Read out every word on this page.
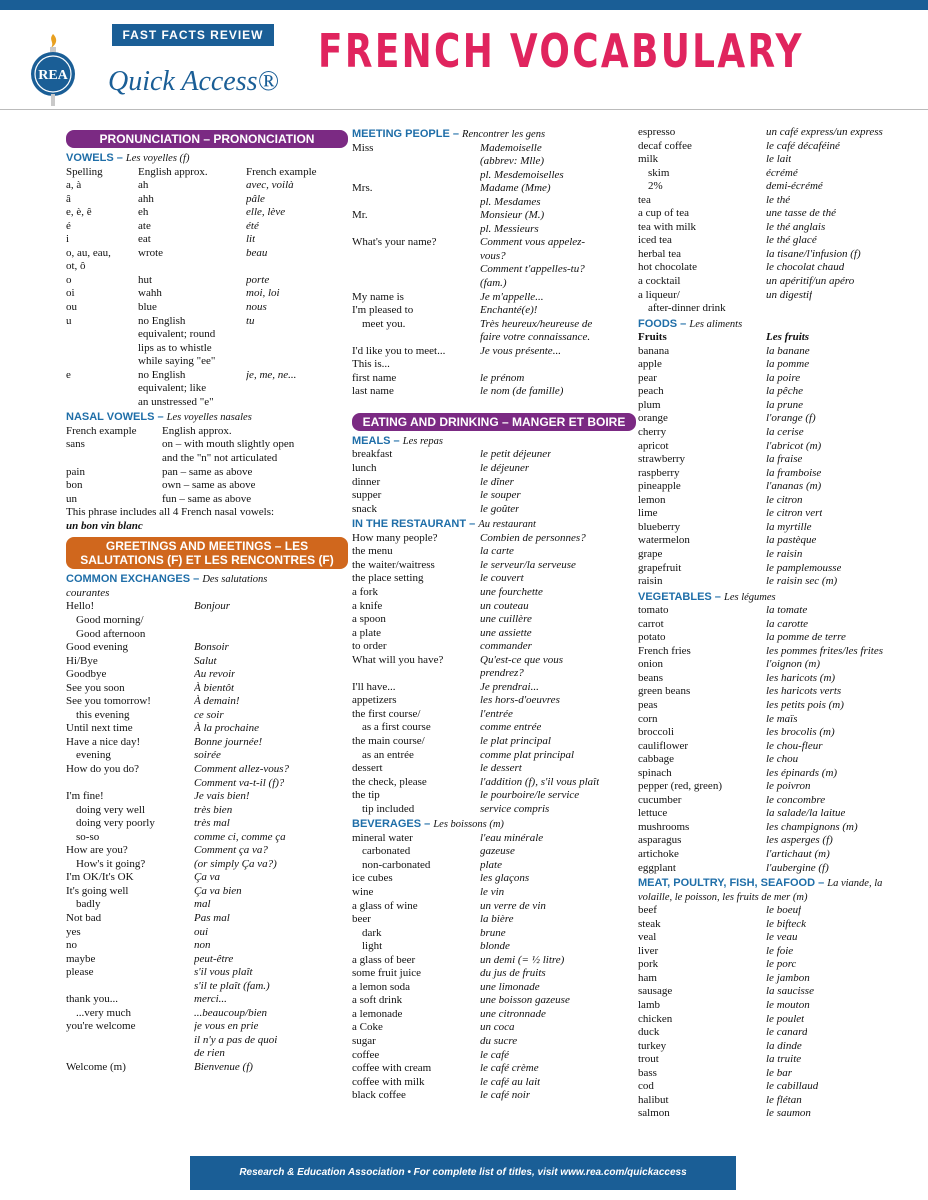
REA
FAST FACTS REVIEW
Quick Access®
FRENCH VOCABULARY
PRONUNCIATION – PRONONCIATION
VOWELS – Les voyelles (f)
Spelling	English approx.	French example
a, à	ah	avec, voilà
â	ahh	pâle
e, è, ê	eh	elle, lève
é	ate	été
i	eat	lit
o, au, eau,	wrote	beau
ot, ô
o	hut	porte
oi	wahh	moi, loi
ou	blue	nous
u	no English	tu
equivalent; round
lips as to whistle
while saying "ee"
e	no English	je, me, ne...
equivalent; like
an unstressed "e"
NASAL VOWELS – Les voyelles nasales
French example	English approx.
sans	on – with mouth slightly open
and the "n" not articulated
pain	pan – same as above
bon	own – same as above
un	fun – same as above
This phrase includes all 4 French nasal vowels:
un bon vin blanc
GREETINGS AND MEETINGS – LES SALUTATIONS (F) ET LES RENCONTRES (F)
COMMON EXCHANGES – Des salutations
courantes
Hello!	Bonjour
Good morning/
Good afternoon
Good evening	Bonsoir
Hi/Bye	Salut
Goodbye	Au revoir
See you soon	À bientôt
See you tomorrow!	À demain!
this evening	ce soir
Until next time	À la prochaine
Have a nice day!	Bonne journée!
evening	soirée
How do you do?	Comment allez-vous?
Comment va-t-il (f)?
I'm fine!	Je vais bien!
doing very well	très bien
doing very poorly	très mal
so-so	comme ci, comme ça
How are you?	Comment ça va?
How's it going?	(or simply Ça va?)
I'm OK/It's OK	Ça va
It's going well	Ça va bien
badly	mal
Not bad	Pas mal
yes	oui
no	non
maybe	peut-être
please	s'il vous plaît
s'il te plaît (fam.)
thank you...	merci...
...very much	...beaucoup/bien
you're welcome	je vous en prie
il n'y a pas de quoi
de rien
Welcome (m)	Bienvenue (f)
MEETING PEOPLE – Rencontrer les gens
Miss	Mademoiselle
(abbrev: Mlle)
pl. Mesdemoiselles
Mrs.	Madame (Mme)
pl. Mesdames
Mr.	Monsieur (M.)
pl. Messieurs
What's your name?	Comment vous appelez-
vous?
Comment t'appelles-tu?
(fam.)
My name is	Je m'appelle...
I'm pleased to	Enchanté(e)!
meet you.	Très heureux/heureuse de
faire votre connaissance.
I'd like you to meet...	Je vous présente...
This is...
first name	le prénom
last name	le nom (de famille)
EATING AND DRINKING – MANGER ET BOIRE
MEALS – Les repas
breakfast	le petit déjeuner
lunch	le déjeuner
dinner	le dîner
supper	le souper
snack	le goûter
IN THE RESTAURANT – Au restaurant
How many people?	Combien de personnes?
the menu	la carte
the waiter/waitress	le serveur/la serveuse
the place setting	le couvert
a fork	une fourchette
a knife	un couteau
a spoon	une cuillère
a plate	une assiette
to order	commander
What will you have?	Qu'est-ce que vous
prendrez?
I'll have...	Je prendrai...
appetizers	les hors-d'oeuvres
the first course/	l'entrée
as a first course	comme entrée
the main course/	le plat principal
as an entrée	comme plat principal
dessert	le dessert
the check, please	l'addition (f), s'il vous plaît
the tip	le pourboire/le service
tip included	service compris
BEVERAGES – Les boissons (m)
mineral water	l'eau minérale
carbonated	gazeuse
non-carbonated	plate
ice cubes	les glaçons
wine	le vin
a glass of wine	un verre de vin
beer	la bière
dark	brune
light	blonde
a glass of beer	un demi (= ½ litre)
some fruit juice	du jus de fruits
a lemon soda	une limonade
a soft drink	une boisson gazeuse
a lemonade	une citronnade
a Coke	un coca
sugar	du sucre
coffee	le café
coffee with cream	le café crème
coffee with milk	le café au lait
black coffee	le café noir
espresso	un café express/un express
decaf coffee	le café décaféiné
milk	le lait
skim	écrémé
2%	demi-écrémé
tea	le thé
a cup of tea	une tasse de thé
tea with milk	le thé anglais
iced tea	le thé glacé
herbal tea	la tisane/l'infusion (f)
hot chocolate	le chocolat chaud
a cocktail	un apéritif/un apéro
a liqueur/	un digestif
after-dinner drink
FOODS – Les aliments
Fruits	Les fruits
banana	la banane
apple	la pomme
pear	la poire
peach	la pêche
plum	la prune
orange	l'orange (f)
cherry	la cerise
apricot	l'abricot (m)
strawberry	la fraise
raspberry	la framboise
pineapple	l'ananas (m)
lemon	le citron
lime	le citron vert
blueberry	la myrtille
watermelon	la pastèque
grape	le raisin
grapefruit	le pamplemousse
raisin	le raisin sec (m)
VEGETABLES – Les légumes
tomato	la tomate
carrot	la carotte
potato	la pomme de terre
French fries	les pommes frites/les frites
onion	l'oignon (m)
beans	les haricots (m)
green beans	les haricots verts
peas	les petits pois (m)
corn	le maïs
broccoli	les brocolis (m)
cauliflower	le chou-fleur
cabbage	le chou
spinach	les épinards (m)
pepper (red, green)	le poivron
cucumber	le concombre
lettuce	la salade/la laitue
mushrooms	les champignons (m)
asparagus	les asperges (f)
artichoke	l'artichaut (m)
eggplant	l'aubergine (f)
MEAT, POULTRY, FISH, SEAFOOD – La viande, la volaille, le poisson, les fruits de mer (m)
beef	le boeuf
steak	le bifteck
veal	le veau
liver	le foie
pork	le porc
ham	le jambon
sausage	la saucisse
lamb	le mouton
chicken	le poulet
duck	le canard
turkey	la dinde
trout	la truite
bass	le bar
cod	le cabillaud
halibut	le flétan
salmon	le saumon
Research & Education Association • For complete list of titles, visit www.rea.com/quickaccess
